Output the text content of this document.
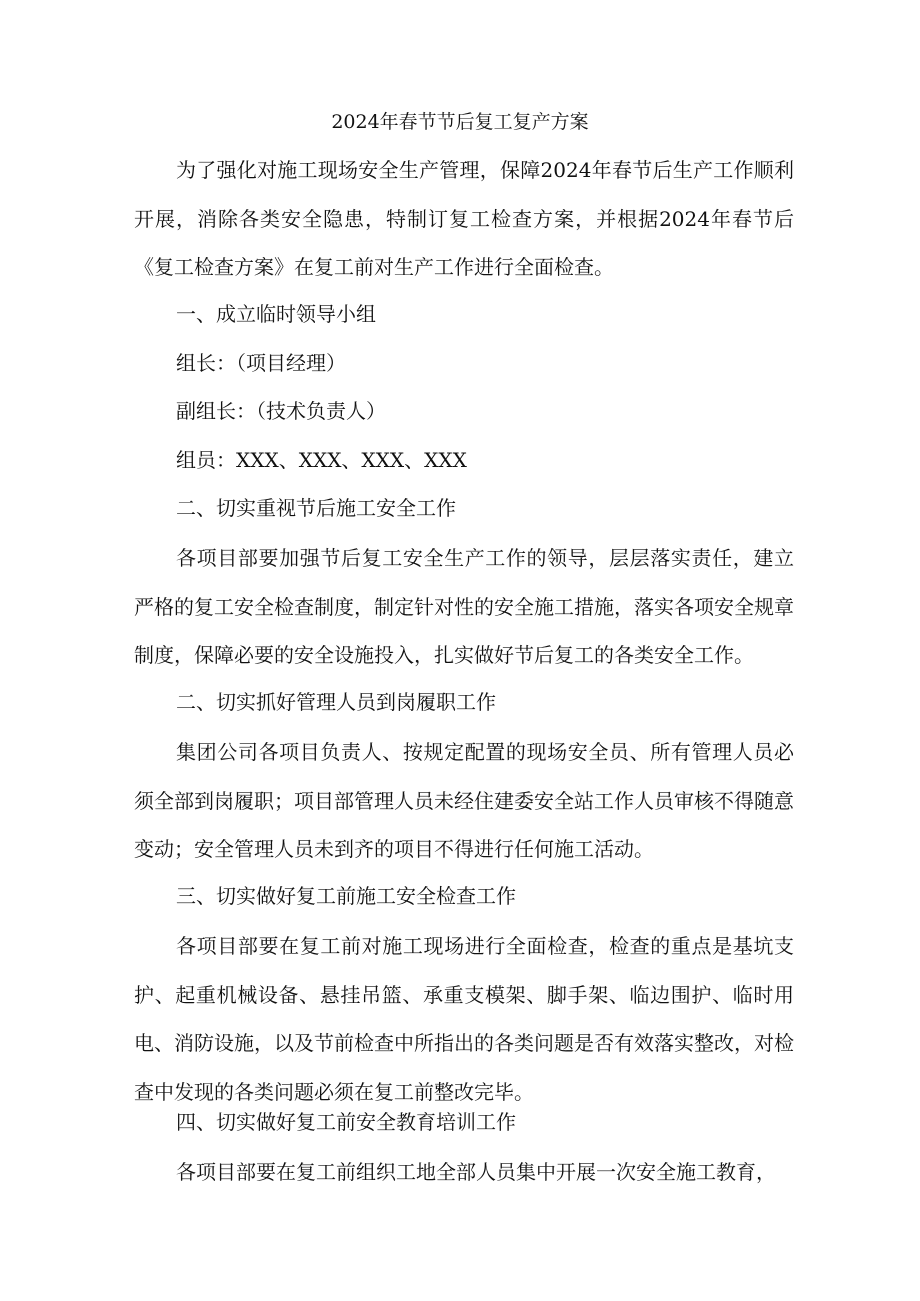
2024年春节节后复工复产方案

为了强化对施工现场安全生产管理，保障2024年春节后生产工作顺利开展，消除各类安全隐患，特制订复工检查方案，并根据2024年春节后《复工检查方案》在复工前对生产工作进行全面检查。

一、成立临时领导小组

组长：（项目经理）

副组长：（技术负责人）

组员：XXX、XXX、XXX、XXX

二、切实重视节后施工安全工作

各项目部要加强节后复工安全生产工作的领导，层层落实责任，建立严格的复工安全检查制度，制定针对性的安全施工措施，落实各项安全规章制度，保障必要的安全设施投入，扎实做好节后复工的各类安全工作。

二、切实抓好管理人员到岗履职工作

集团公司各项目负责人、按规定配置的现场安全员、所有管理人员必须全部到岗履职；项目部管理人员未经住建委安全站工作人员审核不得随意变动；安全管理人员未到齐的项目不得进行任何施工活动。

三、切实做好复工前施工安全检查工作

各项目部要在复工前对施工现场进行全面检查，检查的重点是基坑支护、起重机械设备、悬挂吊篮、承重支模架、脚手架、临边围护、临时用电、消防设施，以及节前检查中所指出的各类问题是否有效落实整改，对检查中发现的各类问题必须在复工前整改完毕。

四、切实做好复工前安全教育培训工作

各项目部要在复工前组织工地全部人员集中开展一次安全施工教育，
